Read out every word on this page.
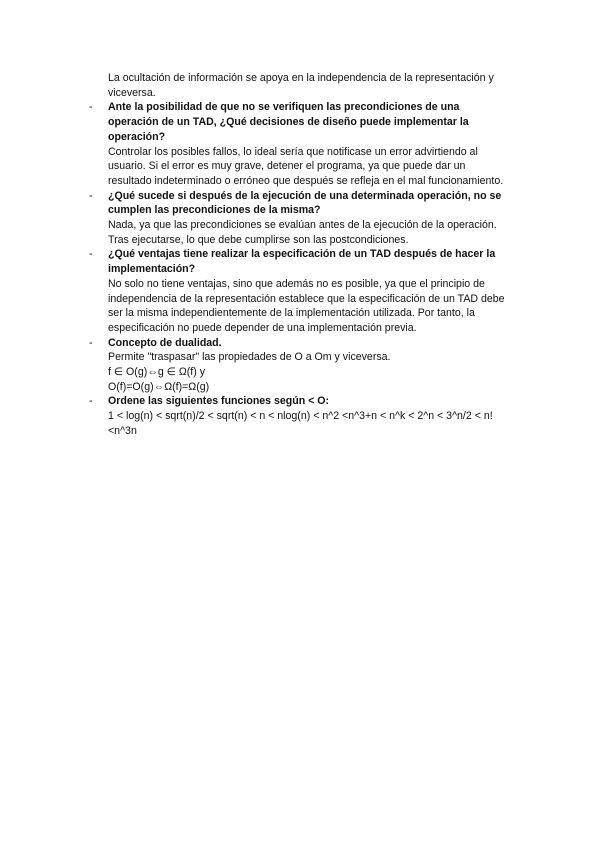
La ocultación de información se apoya en la independencia de la representación y
viceversa.
- Ante la posibilidad de que no se verifiquen las precondiciones de una
operación de un TAD, ¿Qué decisiones de diseño puede implementar la
operación?
Controlar los posibles fallos, lo ideal sería que notificase un error advirtiendo al
usuario. Si el error es muy grave, detener el programa, ya que puede dar un
resultado indeterminado o erróneo que después se refleja en el mal funcionamiento.
- ¿Qué sucede si después de la ejecución de una determinada operación, no se
cumplen las precondiciones de la misma?
Nada, ya que las precondiciones se evalúan antes de la ejecución de la operación.
Tras ejecutarse, lo que debe cumplirse son las postcondiciones.
- ¿Qué ventajas tiene realizar la especificación de un TAD después de hacer la
implementación?
No solo no tiene ventajas, sino que además no es posible, ya que el principio de
independencia de la representación establece que la especificación de un TAD debe
ser la misma independientemente de la implementación utilizada. Por tanto, la
especificación no puede depender de una implementación previa.
- Concepto de dualidad.
Permite "traspasar" las propiedades de O a Om y viceversa.
f ∈ O(g)⇔g ∈ Ω(f) y
O(f)=O(g)⇔Ω(f)=Ω(g)
- Ordene las siguientes funciones según < O:
1 < log(n) < sqrt(n)/2 < sqrt(n) < n < nlog(n) < n^2 <n^3+n < n^k < 2^n < 3^n/2 < n!
<n^3n
